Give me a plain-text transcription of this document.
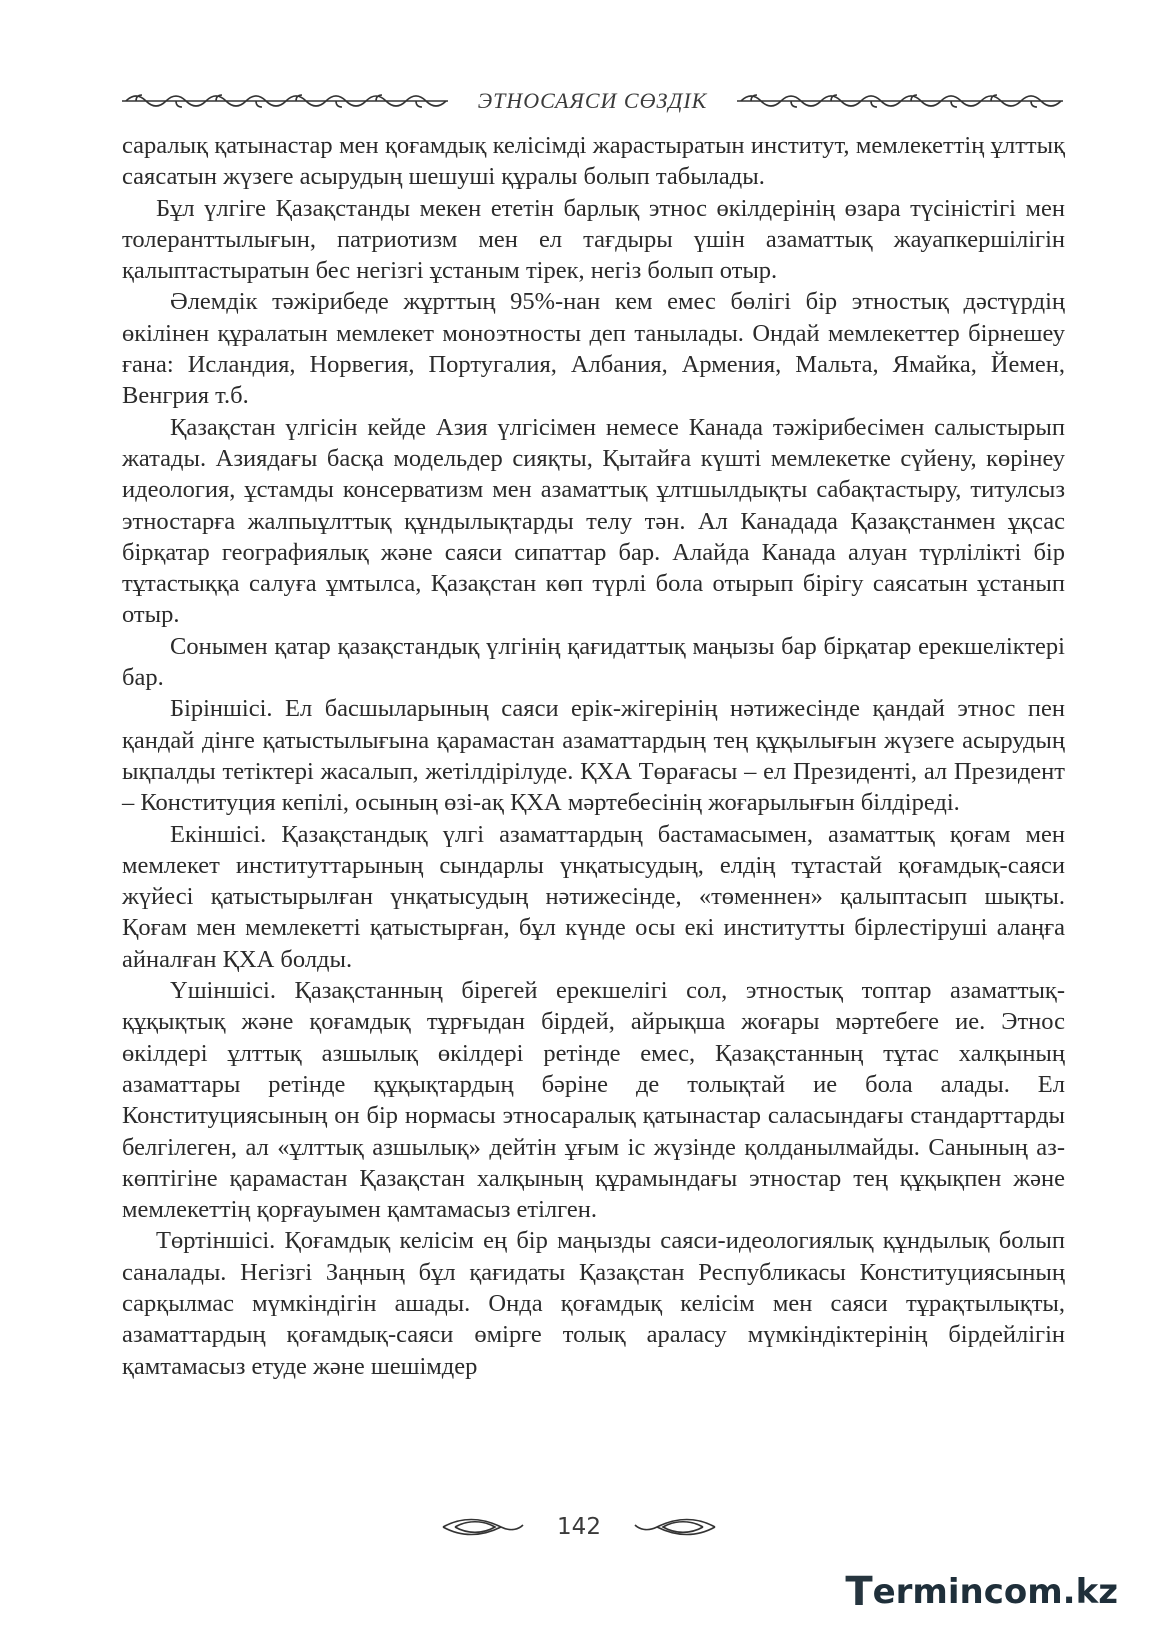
ЭТНОСАЯСИ СӨЗДІК

саралық қатынастар мен қоғамдық келісімді жарастыратын институт, мемлекеттің ұлттық саясатын жүзеге асырудың шешуші құралы болып табылады.

Бұл үлгіге Қазақстанды мекен ететін барлық этнос өкілдерінің өзара түсіністігі мен толеранттылығын, патриотизм мен ел тағдыры үшін азаматтық жауапкершілігін қалыптастыратын бес негізгі ұстаным тірек, негіз болып отыр.

Әлемдік тәжірибеде жұрттың 95%-нан кем емес бөлігі бір этностық дәстүрдің өкілінен құралатын мемлекет моноэтносты деп танылады. Ондай мемлекеттер бірнешеу ғана: Исландия, Норвегия, Португалия, Албания, Армения, Мальта, Ямайка, Йемен, Венгрия т.б.

Қазақстан үлгісін кейде Азия үлгісімен немесе Канада тәжірибесімен салыстырып жатады. Азиядағы басқа модельдер сияқты, Қытайға күшті мемлекетке сүйену, көрінеу идеология, ұстамды консерватизм мен азаматтық ұлтшылдықты сабақтастыру, титулсыз этностарға жалпыұлттық құндылықтарды телу тән. Ал Канадада Қазақстанмен ұқсас бірқатар географиялық және саяси сипаттар бар. Алайда Канада алуан түрлілікті бір тұтастыққа салуға ұмтылса, Қазақстан көп түрлі бола отырып бірігу саясатын ұстанып отыр.

Сонымен қатар қазақстандық үлгінің қағидаттық маңызы бар бірқатар ерекшеліктері бар.

Біріншісі. Ел басшыларының саяси ерік-жігерінің нәтижесінде қандай этнос пен қандай дінге қатыстылығына қарамастан азаматтардың тең құқылығын жүзеге асырудың ықпалды тетіктері жасалып, жетілдірілуде. ҚХА Төрағасы – ел Президенті, ал Президент – Конституция кепілі, осының өзі-ақ ҚХА мәртебесінің жоғарылығын білдіреді.

Екіншісі. Қазақстандық үлгі азаматтардың бастамасымен, азаматтық қоғам мен мемлекет институттарының сындарлы үнқатысудың, елдің тұтастай қоғамдық-саяси жүйесі қатыстырылған үнқатысудың нәтижесінде, «төменнен» қалыптасып шықты. Қоғам мен мемлекетті қатыстырған, бұл күнде осы екі институтты бірлестіруші алаңға айналған ҚХА болды.

Үшіншісі. Қазақстанның бірегей ерекшелігі сол, этностық топтар азаматтық-құқықтық және қоғамдық тұрғыдан бірдей, айрықша жоғары мәртебеге ие. Этнос өкілдері ұлттық азшылық өкілдері ретінде емес, Қазақстанның тұтас халқының азаматтары ретінде құқықтардың бәріне де толықтай ие бола алады. Ел Конституциясының он бір нормасы этносаралық қатынастар саласындағы стандарттарды белгілеген, ал «ұлттық азшылық» дейтін ұғым іс жүзінде қолданылмайды. Санының аз-көптігіне қарамастан Қазақстан халқының құрамындағы этностар тең құқықпен және мемлекеттің қорғауымен қамтамасыз етілген.

Төртіншісі. Қоғамдық келісім ең бір маңызды саяси-идеологиялық құндылық болып саналады. Негізгі Заңның бұл қағидаты Қазақстан Республикасы Конституциясының сарқылмас мүмкіндігін ашады. Онда қоғамдық келісім мен саяси тұрақтылықты, азаматтардың қоғамдық-саяси өмірге толық араласу мүмкіндіктерінің бірдейлігін қамтамасыз етуде және шешімдер

142
T erminc o m.kz
